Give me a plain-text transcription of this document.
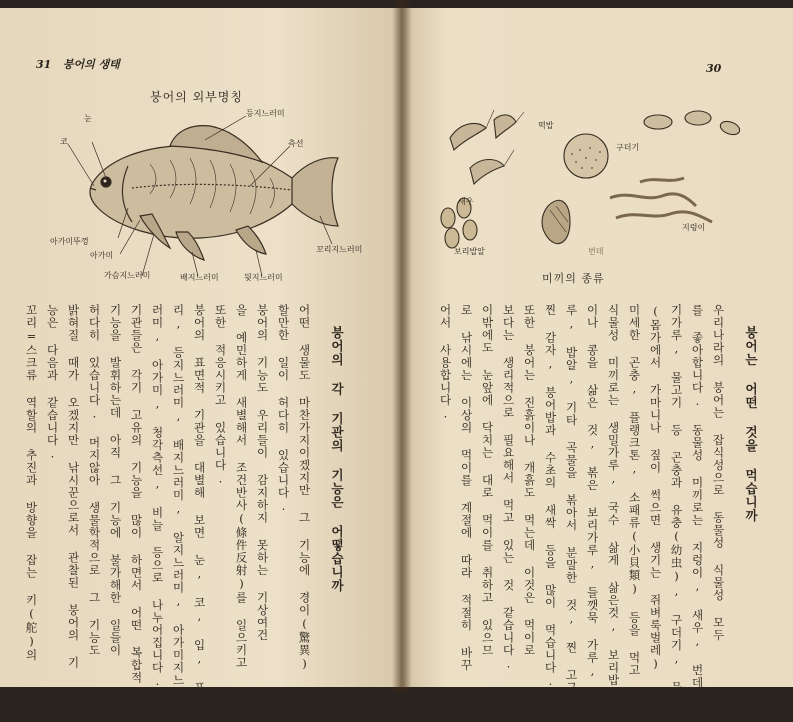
31 붕어의 생태
붕어의 외부명칭
눈
코
등지느러미
측선
꼬리지느러미
아가미뚜껑
아가미
가슴지느러미	배지느러미	뒷지느러미
붕어의 각 기관의 기능은 어떻습니까
어떤 생물도 마찬가지이겠지만 그 기능에 경이(驚異)
할만한 일이 허다히 있습니다.
붕어의 기능도 우리들이 감지하지 못하는 기상여건
을 예민하게 새별해서 조건반사(條件反射)를 일으키고
또한 적응시키고 있습니다.
붕어의 표면적 기관을 대별해 보면 눈, 코, 입, 표
리, 등지느러미, 배지느러미, 알지느러미, 아가미지느
러미, 아가미, 청각측선, 비늘 등으로 나누어집니다. 이
기관들은 각기 고유의 기능을 많이 하면서 어떤 복합적
기능을 발휘하는데 아직 그 기능에 불가해한 일들이
허다히 있습니다. 머지않아 생물학적으로 그 기능도
밝혀질 때가 오겠지만 낚시꾼으로서 관찰된 붕어의 기
능은 다음과 같습니다.
꼬리=스크류 역할의 추진과 방향을 잡는 키(舵)의
30
떡밥
새우
구더기
보리밥알	번데
지렁이
미끼의 종류
붕어는 어떤 것을 먹습니까
우리나라의 붕어는 잡식성으로 동물성 식물성 모두
를 좋아합니다. 동물성 미끼로는 지렁이, 새우, 번데
기가루, 물고기 등 곤충과 유충(幼虫), 구더기, 물벼룩
(몸가에서 가마니나 짚이 썩으면 생기는 쥐벼룩벌레)
미세한 곤충, 플랭크톤, 소패류(小貝類) 등을 먹고
식물성 미끼로는 생밀가루, 국수 삶게 삶은것, 보리밥
이나 콩을 삶은 것, 볶은 보리가루, 들깻묵 가루, 콩가
루, 밥알, 기타 곡물을 볶아서 분말한 것, 찐 고구마,
찐 감자, 붕어밥과 수초의 새싹 등을 많이 먹습니다.
또한 붕어는 진흙이나 개흙도 먹는데 이것은 먹이로
보다는 생리적으로 필요해서 먹고 있는 것 같습니다.
이밖에도 눈앞에 닥치는 대로 먹이를 취하고 있으므
로 낚시에는 이상의 먹이를 계절에 따라 적절히 바꾸
어서 사용합니다.
